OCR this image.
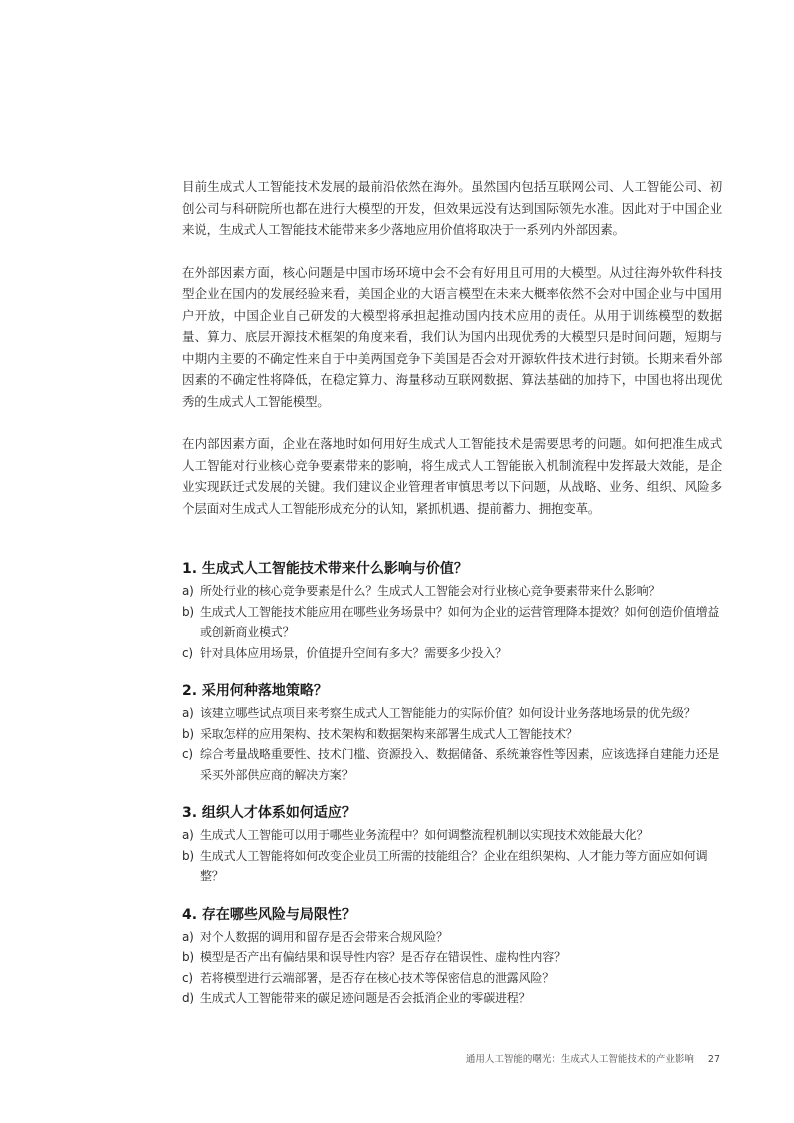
目前生成式人工智能技术发展的最前沿依然在海外。虽然国内包括互联网公司、人工智能公司、初创公司与科研院所也都在进行大模型的开发，但效果远没有达到国际领先水准。因此对于中国企业来说，生成式人工智能技术能带来多少落地应用价值将取决于一系列内外部因素。

在外部因素方面，核心问题是中国市场环境中会不会有好用且可用的大模型。从过往海外软件科技型企业在国内的发展经验来看，美国企业的大语言模型在未来大概率依然不会对中国企业与中国用户开放，中国企业自己研发的大模型将承担起推动国内技术应用的责任。从用于训练模型的数据量、算力、底层开源技术框架的角度来看，我们认为国内出现优秀的大模型只是时间问题，短期与中期内主要的不确定性来自于中美两国竞争下美国是否会对开源软件技术进行封锁。长期来看外部因素的不确定性将降低，在稳定算力、海量移动互联网数据、算法基础的加持下，中国也将出现优秀的生成式人工智能模型。

在内部因素方面，企业在落地时如何用好生成式人工智能技术是需要思考的问题。如何把准生成式人工智能对行业核心竞争要素带来的影响，将生成式人工智能嵌入机制流程中发挥最大效能，是企业实现跃迁式发展的关键。我们建议企业管理者审慎思考以下问题，从战略、业务、组织、风险多个层面对生成式人工智能形成充分的认知，紧抓机遇、提前蓄力、拥抱变革。

1. 生成式人工智能技术带来什么影响与价值？
a) 所处行业的核心竞争要素是什么？生成式人工智能会对行业核心竞争要素带来什么影响？
b) 生成式人工智能技术能应用在哪些业务场景中？如何为企业的运营管理降本提效？如何创造价值增益或创新商业模式？
c) 针对具体应用场景，价值提升空间有多大？需要多少投入？
2. 采用何种落地策略？
a) 该建立哪些试点项目来考察生成式人工智能能力的实际价值？如何设计业务落地场景的优先级？
b) 采取怎样的应用架构、技术架构和数据架构来部署生成式人工智能技术？
c) 综合考量战略重要性、技术门槛、资源投入、数据储备、系统兼容性等因素，应该选择自建能力还是采买外部供应商的解决方案？
3. 组织人才体系如何适应？
a) 生成式人工智能可以用于哪些业务流程中？如何调整流程机制以实现技术效能最大化？
b) 生成式人工智能将如何改变企业员工所需的技能组合？企业在组织架构、人才能力等方面应如何调整？
4. 存在哪些风险与局限性？
a) 对个人数据的调用和留存是否会带来合规风险？
b) 模型是否产出有偏结果和误导性内容？是否存在错误性、虚构性内容？
c) 若将模型进行云端部署，是否存在核心技术等保密信息的泄露风险？
d) 生成式人工智能带来的碳足迹问题是否会抵消企业的零碳进程？
通用人工智能的曙光：生成式人工智能技术的产业影响 27
